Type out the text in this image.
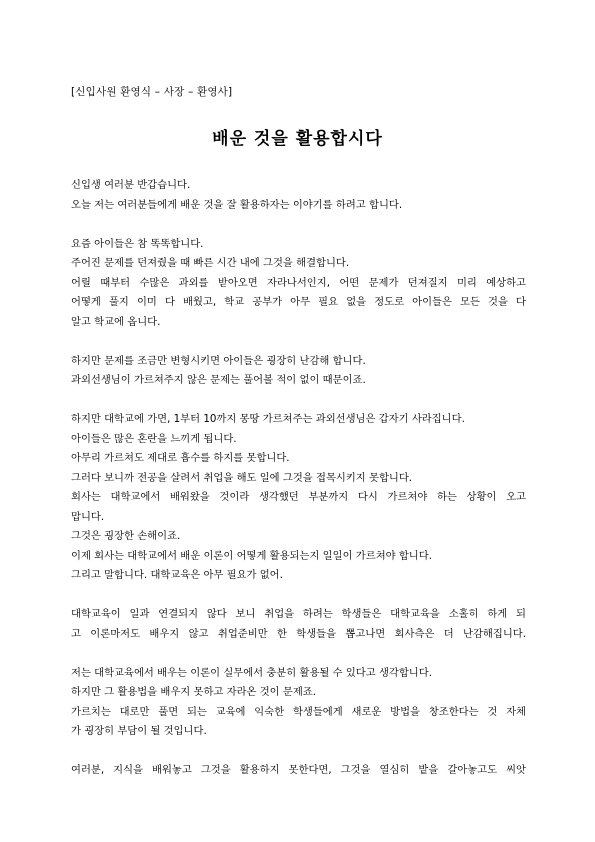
[신입사원 환영식 – 사장 – 환영사]
배운 것을 활용합시다
신입생 여러분 반갑습니다.
오늘 저는 여러분들에게 배운 것을 잘 활용하자는 이야기를 하려고 합니다.
요즘 아이들은 참 똑똑합니다.
주어진 문제를 던져줬을 때 빠른 시간 내에 그것을 해결합니다.
어릴 때부터 수많은 과외를 받아오면 자라나서인지, 어떤 문제가 던져질지 미리 예상하고
어떻게 풀지 이미 다 배웠고, 학교 공부가 아무 필요 없을 정도로 아이들은 모든 것을 다
알고 학교에 옵니다.
하지만 문제를 조금만 변형시키면 아이들은 굉장히 난감해 합니다.
과외선생님이 가르쳐주지 않은 문제는 풀어볼 적이 없이 때문이죠.
하지만 대학교에 가면, 1부터 10까지 몽땅 가르쳐주는 과외선생님은 갑자기 사라집니다.
아이들은 많은 혼란을 느끼게 됩니다.
아무리 가르쳐도 제대로 흡수를 하지를 못합니다.
그러다 보니까 전공을 살려서 취업을 해도 일에 그것을 접목시키지 못합니다.
회사는 대학교에서 배워왔을 것이라 생각했던 부분까지 다시 가르쳐야 하는 상황이 오고
맙니다.
그것은 굉장한 손해이죠.
이제 회사는 대학교에서 배운 이론이 어떻게 활용되는지 일일이 가르쳐야 합니다.
그리고 말합니다. 대학교육은 아무 필요가 없어.
대학교육이 일과 연결되지 않다 보니 취업을 하려는 학생들은 대학교육을 소홀히 하게 되
고 이론마저도 배우지 않고 취업준비만 한 학생들을 뽑고나면 회사측은 더 난감해집니다.
저는 대학교육에서 배우는 이론이 실무에서 충분히 활용될 수 있다고 생각합니다.
하지만 그 활용법을 배우지 못하고 자라온 것이 문제죠.
가르치는 대로만 풀면 되는 교육에 익숙한 학생들에게 새로운 방법을 창조한다는 것 자체
가 굉장히 부담이 될 것입니다.
여러분, 지식을 배워놓고 그것을 활용하지 못한다면, 그것을 열심히 밭을 갈아놓고도 씨앗
